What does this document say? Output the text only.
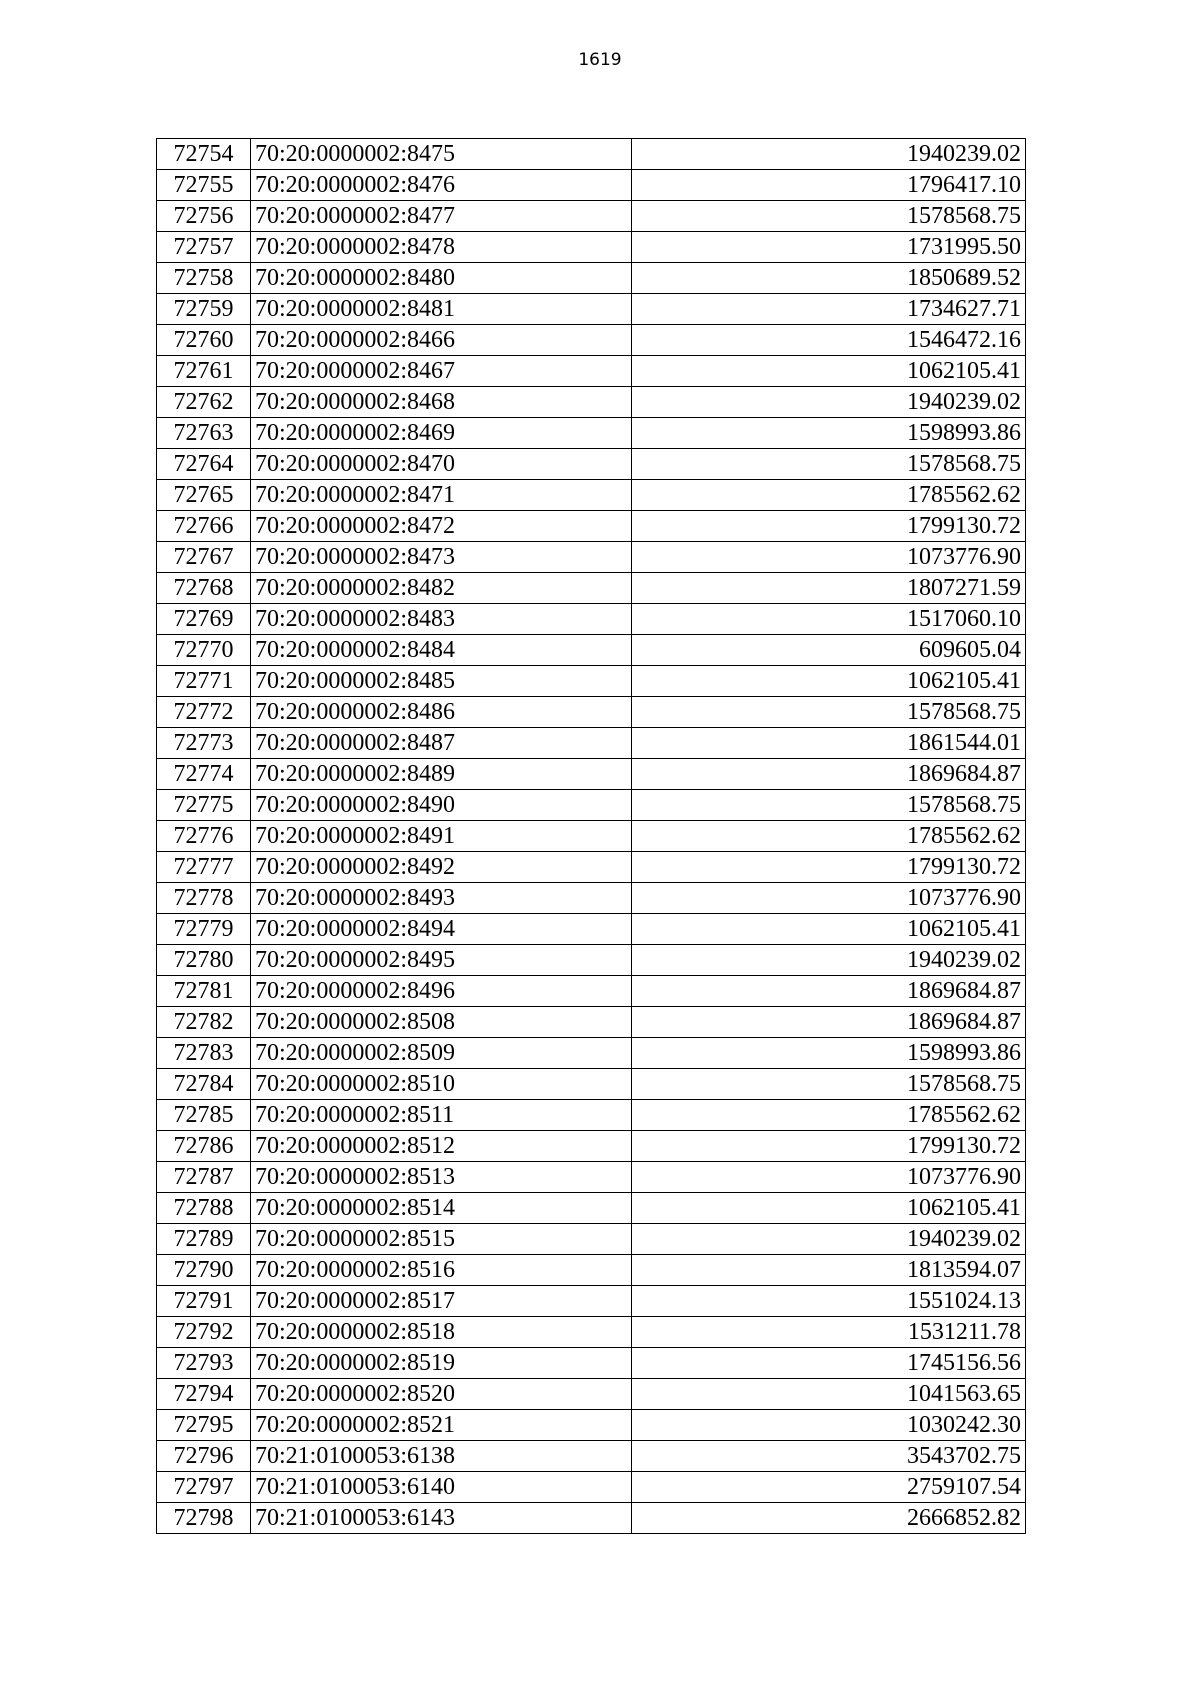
1619
72754	70:20:0000002:8475	1940239.02
72755	70:20:0000002:8476	1796417.10
72756	70:20:0000002:8477	1578568.75
72757	70:20:0000002:8478	1731995.50
72758	70:20:0000002:8480	1850689.52
72759	70:20:0000002:8481	1734627.71
72760	70:20:0000002:8466	1546472.16
72761	70:20:0000002:8467	1062105.41
72762	70:20:0000002:8468	1940239.02
72763	70:20:0000002:8469	1598993.86
72764	70:20:0000002:8470	1578568.75
72765	70:20:0000002:8471	1785562.62
72766	70:20:0000002:8472	1799130.72
72767	70:20:0000002:8473	1073776.90
72768	70:20:0000002:8482	1807271.59
72769	70:20:0000002:8483	1517060.10
72770	70:20:0000002:8484	609605.04
72771	70:20:0000002:8485	1062105.41
72772	70:20:0000002:8486	1578568.75
72773	70:20:0000002:8487	1861544.01
72774	70:20:0000002:8489	1869684.87
72775	70:20:0000002:8490	1578568.75
72776	70:20:0000002:8491	1785562.62
72777	70:20:0000002:8492	1799130.72
72778	70:20:0000002:8493	1073776.90
72779	70:20:0000002:8494	1062105.41
72780	70:20:0000002:8495	1940239.02
72781	70:20:0000002:8496	1869684.87
72782	70:20:0000002:8508	1869684.87
72783	70:20:0000002:8509	1598993.86
72784	70:20:0000002:8510	1578568.75
72785	70:20:0000002:8511	1785562.62
72786	70:20:0000002:8512	1799130.72
72787	70:20:0000002:8513	1073776.90
72788	70:20:0000002:8514	1062105.41
72789	70:20:0000002:8515	1940239.02
72790	70:20:0000002:8516	1813594.07
72791	70:20:0000002:8517	1551024.13
72792	70:20:0000002:8518	1531211.78
72793	70:20:0000002:8519	1745156.56
72794	70:20:0000002:8520	1041563.65
72795	70:20:0000002:8521	1030242.30
72796	70:21:0100053:6138	3543702.75
72797	70:21:0100053:6140	2759107.54
72798	70:21:0100053:6143	2666852.82
